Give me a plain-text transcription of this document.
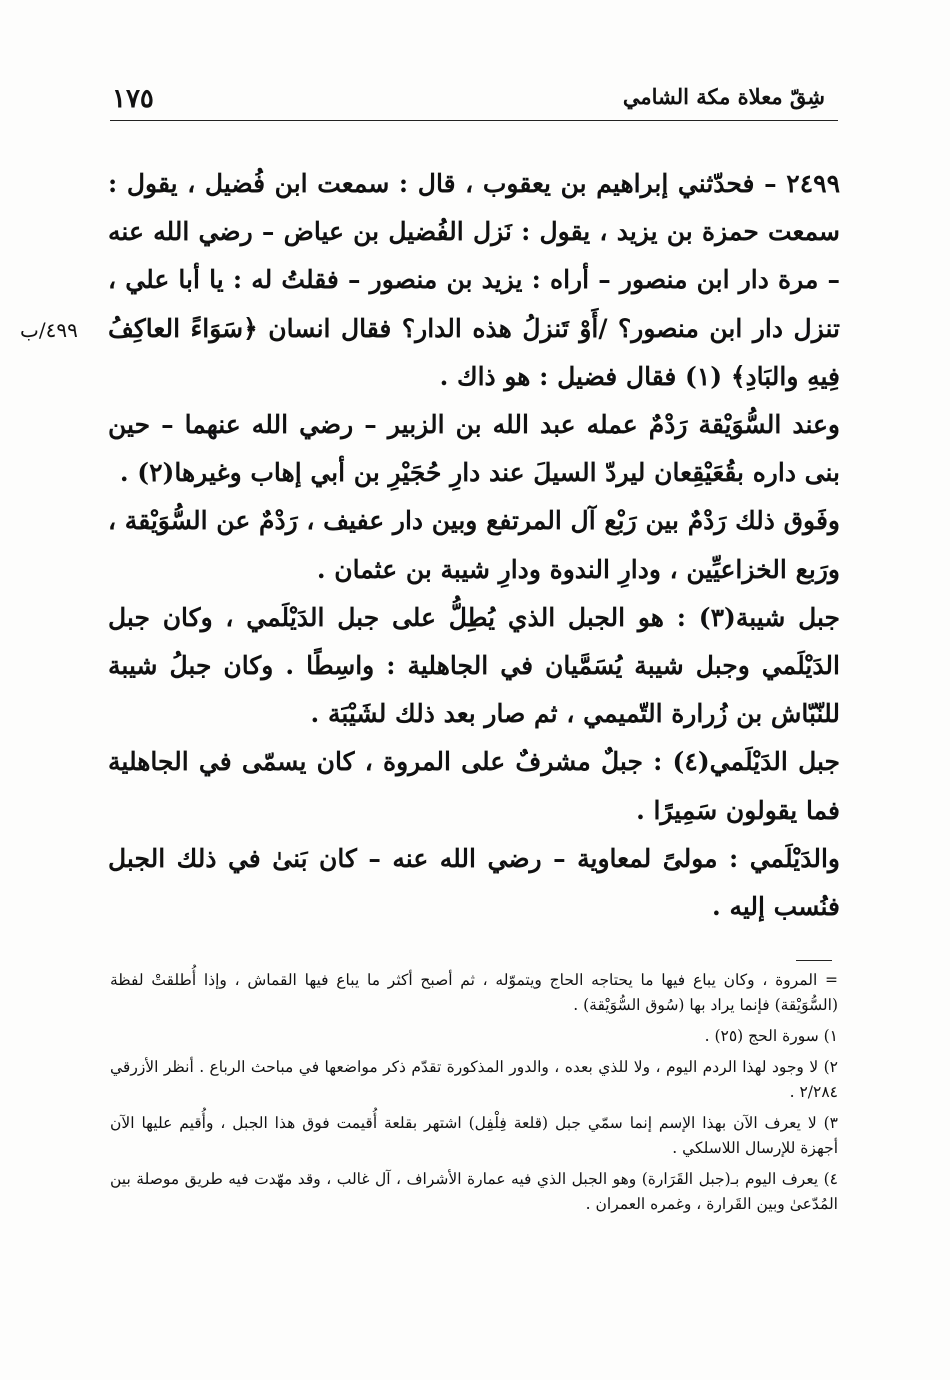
١٧٥	شِقّ معلاة مكة الشامي
٤٩٩/ب

٢٤٩٩ – فحدّثني إبراهيم بن يعقوب ، قال : سمعت ابن فُضيل ، يقول : سمعت حمزة بن يزيد ، يقول : نَزل الفُضيل بن عياض – رضي الله عنه – مرة دار ابن منصور – أراه : يزيد بن منصور – فقلتُ له : يا أبا علي ، تنزل دار ابن منصور؟ /أَوْ تَنزلُ هذه الدار؟ فقال انسان ﴿سَوَاءً العاكِفُ فِيهِ والبَادِ﴾ (١) فقال فضيل : هو ذاك .

وعند السُّوَيْقة رَدْمٌ عمله عبد الله بن الزبير – رضي الله عنهما – حين بنى داره بقُعَيْقِعان ليردّ السيلَ عند دارِ حُجَيْرِ بن أبي إهاب وغيرها(٢) .

وفَوق ذلك رَدْمٌ بين رَبْع آل المرتفع وبين دار عفيف ، رَدْمٌ عن السُّوَيْقة ، ورَبع الخزاعيِّين ، ودارِ الندوة ودارِ شيبة بن عثمان .

جبل شيبة(٣) : هو الجبل الذي يُطِلُّ على جبل الدَيْلَمي ، وكان جبل الدَيْلَمي وجبل شيبة يُسَمَّيان في الجاهلية : واسِطًا . وكان جبلُ شيبة للنّبّاش بن زُرارة التّميمي ، ثم صار بعد ذلك لشَيْبَة .

جبل الدَيْلَمي(٤) : جبلٌ مشرفٌ على المروة ، كان يسمّى في الجاهلية فما يقولون سَمِيرًا .

والدَيْلَمي : مولىً لمعاوية – رضي الله عنه – كان بَنىٰ في ذلك الجبل فنُسب إليه .

= المروة ، وكان يباع فيها ما يحتاجه الحاج ويتموّله ، ثم أصبح أكثر ما يباع فيها القماش ، وإذا أُطلقتْ لفظة (السُّوَيْقة) فإنما يراد بها (سُوق السُّوَيْقة) .

١) سورة الحج (٢٥) .

٢) لا وجود لهذا الردم اليوم ، ولا للذي بعده ، والدور المذكورة تقدّم ذكر مواضعها في مباحث الرباع . أنظر الأزرقي ٢/٢٨٤ .

٣) لا يعرف الآن بهذا الإسم إنما سمّي جبل (قلعة فِلْفِل) اشتهر بقلعة أُقيمت فوق هذا الجبل ، وأُقيم عليها الآن أجهزة للإرسال اللاسلكي .

٤) يعرف اليوم بـ(جبل القَرَارة) وهو الجبل الذي فيه عمارة الأشراف ، آل غالب ، وقد مهّدت فيه طريق موصلة بين المُدّعىٰ وبين القَرارة ، وغمره العمران .
